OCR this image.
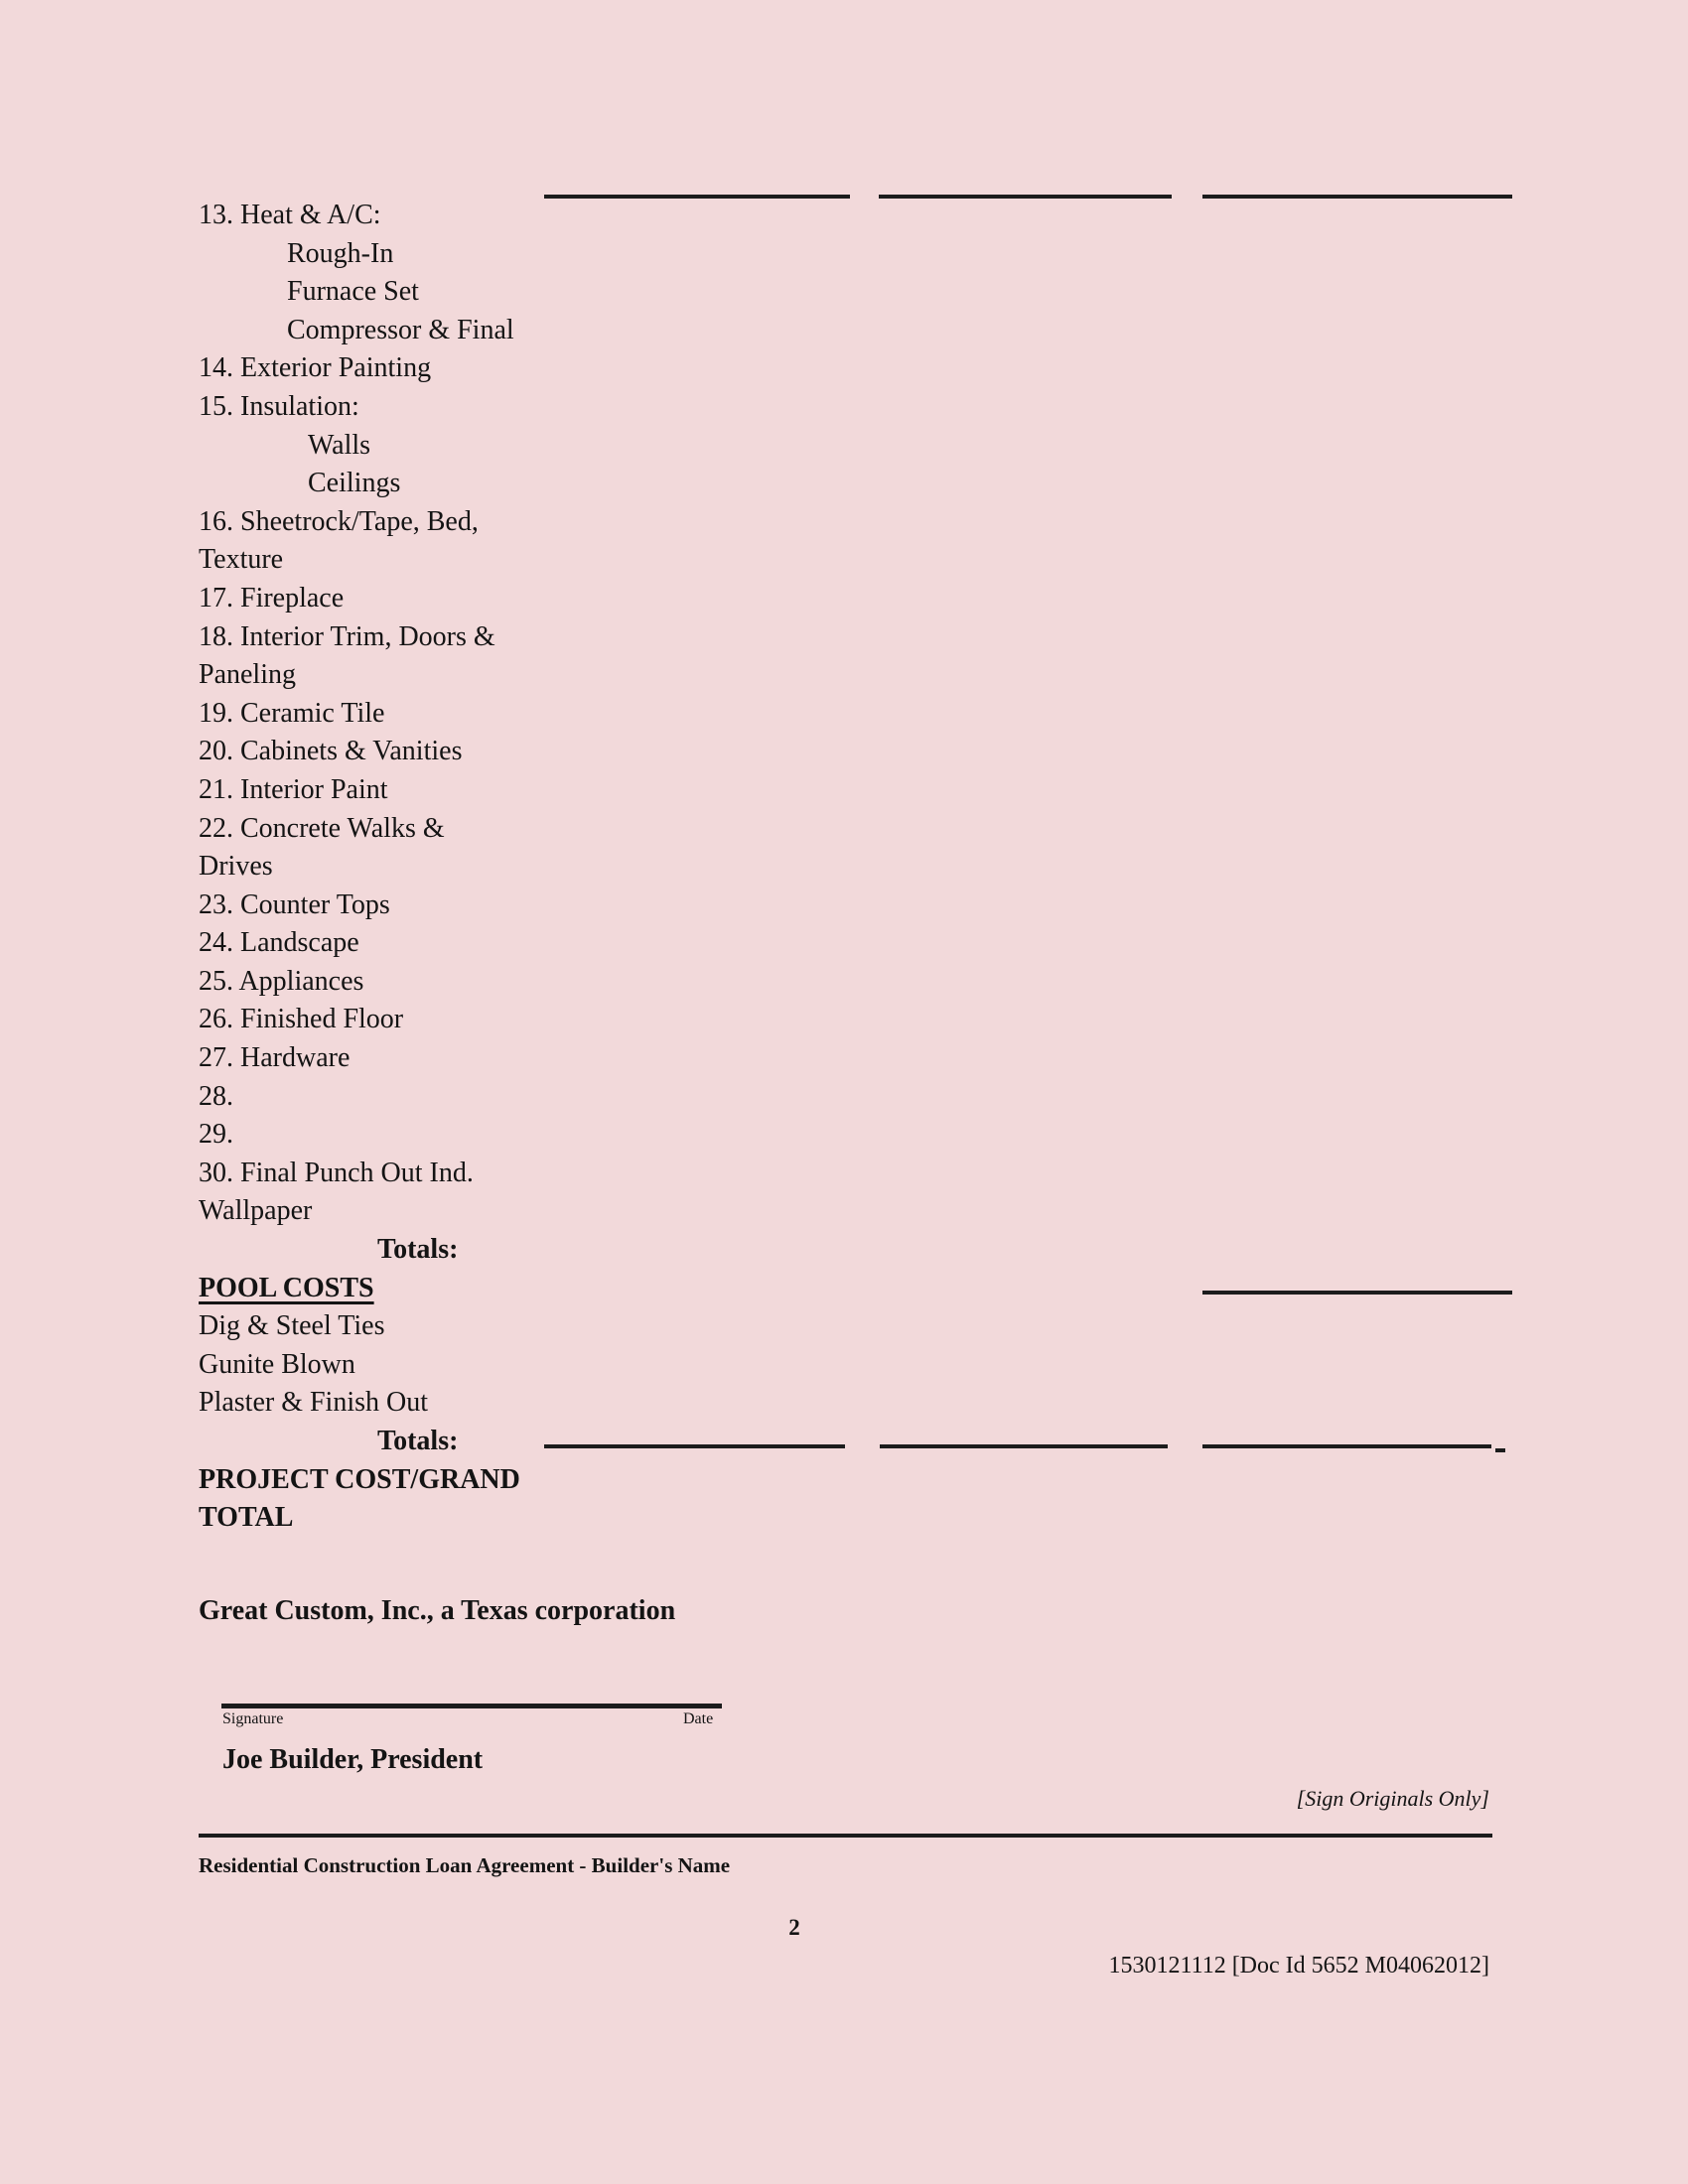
13. Heat & A/C:
Rough-In
Furnace Set
Compressor & Final
14. Exterior Painting
15. Insulation:
Walls
Ceilings
16. Sheetrock/Tape, Bed,
Texture
17. Fireplace
18. Interior Trim, Doors &
Paneling
19. Ceramic Tile
20. Cabinets & Vanities
21. Interior Paint
22. Concrete Walks &
Drives
23. Counter Tops
24. Landscape
25. Appliances
26. Finished Floor
27. Hardware
28.
29.
30. Final Punch Out Ind.
Wallpaper
Totals:
POOL COSTS
Dig & Steel Ties
Gunite Blown
Plaster & Finish Out
Totals:
PROJECT COST/GRAND
TOTAL
Great Custom, Inc., a Texas corporation
Signature	Date
Joe Builder, President
[Sign Originals Only]
Residential Construction Loan Agreement - Builder's Name
2
1530121112 [Doc Id 5652 M04062012]
